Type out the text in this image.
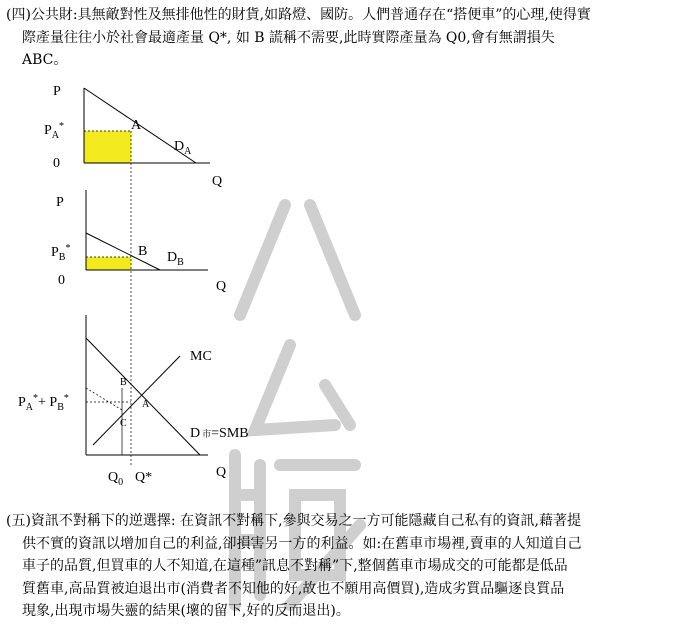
(四)公共財:具無敵對性及無排他性的財貨,如路燈、國防。人們普通存在“搭便車”的心理,使得實
際產量往往小於社會最適產量 Q*, 如 B 謊稱不需要,此時實際產量為 Q0,會有無謂損失
ABC。
P
$P_A^*$
0
A
$D_A$
Q
P
$P_B^*$
0
B $D_B$
Q
MC
$P_A^*+ P_B^*$
B
A
C
D 市=SMB
$Q_0$ Q*	Q
(五)資訊不對稱下的逆選擇: 在資訊不對稱下,參與交易之一方可能隱藏自己私有的資訊,藉著提
供不實的資訊以增加自己的利益,卻損害另一方的利益。如:在舊車市場裡,賣車的人知道自己
車子的品質,但買車的人不知道,在這種”訊息不對稱”下,整個舊車市場成交的可能都是低品
質舊車,高品質被迫退出市(消費者不知他的好,故也不願用高價買),造成劣質品驅逐良質品
現象,出現市場失靈的結果(壞的留下,好的反而退出)。
